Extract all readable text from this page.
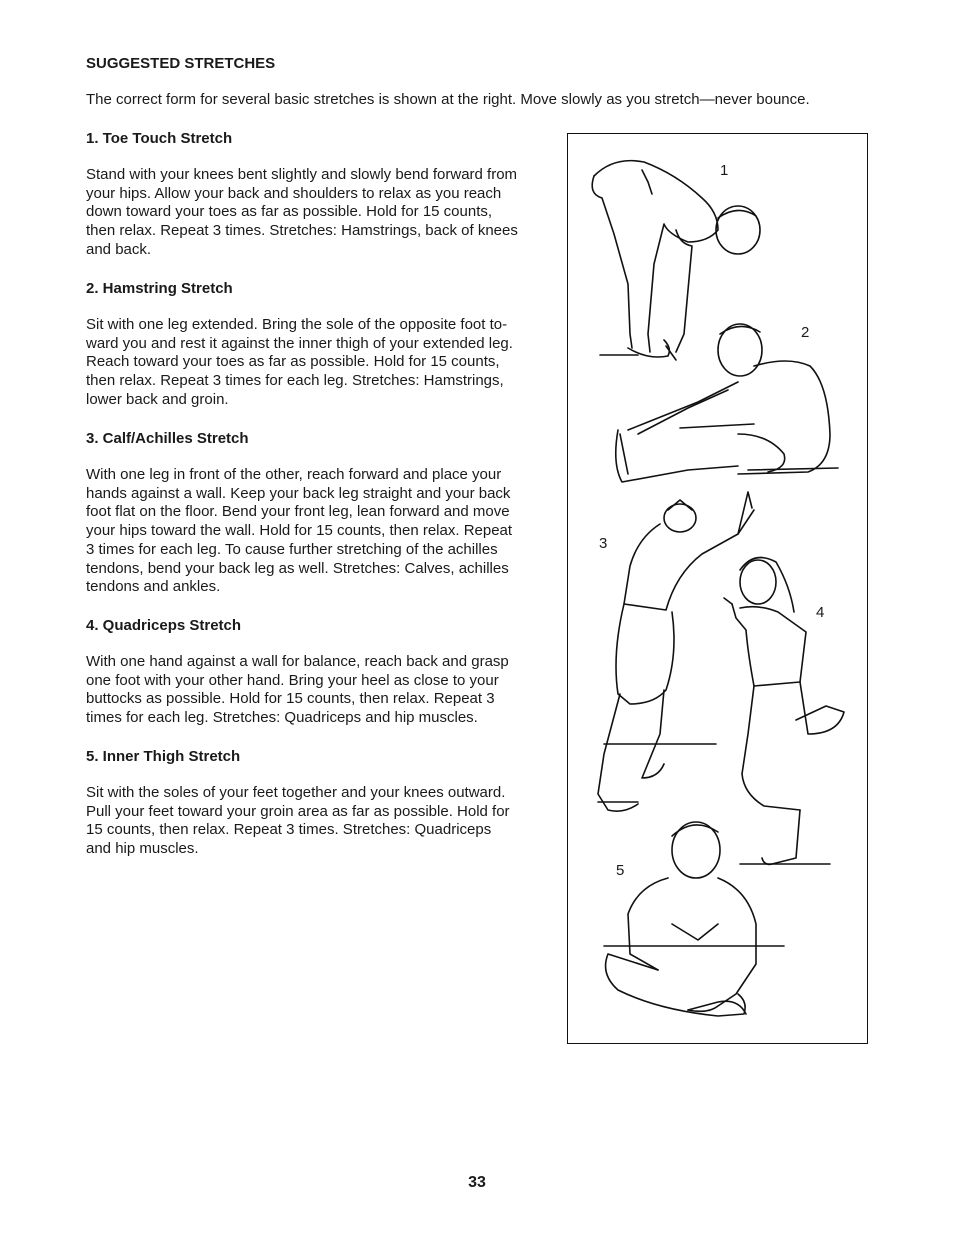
SUGGESTED STRETCHES
The correct form for several basic stretches is shown at the right. Move slowly as you stretch—never bounce.
1. Toe Touch Stretch
Stand with your knees bent slightly and slowly bend forward from
your hips. Allow your back and shoulders to relax as you reach
down toward your toes as far as possible. Hold for 15 counts,
then relax. Repeat 3 times. Stretches: Hamstrings, back of knees
and back.
2. Hamstring Stretch
Sit with one leg extended. Bring the sole of the opposite foot to-
ward you and rest it against the inner thigh of your extended leg.
Reach toward your toes as far as possible. Hold for 15 counts,
then relax. Repeat 3 times for each leg. Stretches: Hamstrings,
lower back and groin.
3. Calf/Achilles Stretch
With one leg in front of the other, reach forward and place your
hands against a wall. Keep your back leg straight and your back
foot flat on the floor. Bend your front leg, lean forward and move
your hips toward the wall. Hold for 15 counts, then relax. Repeat
3 times for each leg. To cause further stretching of the achilles
tendons, bend your back leg as well. Stretches: Calves, achilles
tendons and ankles.
4. Quadriceps Stretch
With one hand against a wall for balance, reach back and grasp
one foot with your other hand. Bring your heel as close to your
buttocks as possible. Hold for 15 counts, then relax. Repeat 3
times for each leg. Stretches: Quadriceps and hip muscles.
5. Inner Thigh Stretch
Sit with the soles of your feet together and your knees outward.
Pull your feet toward your groin area as far as possible. Hold for
15 counts, then relax. Repeat 3 times. Stretches: Quadriceps
and hip muscles.
1
2
3
4
5
33
